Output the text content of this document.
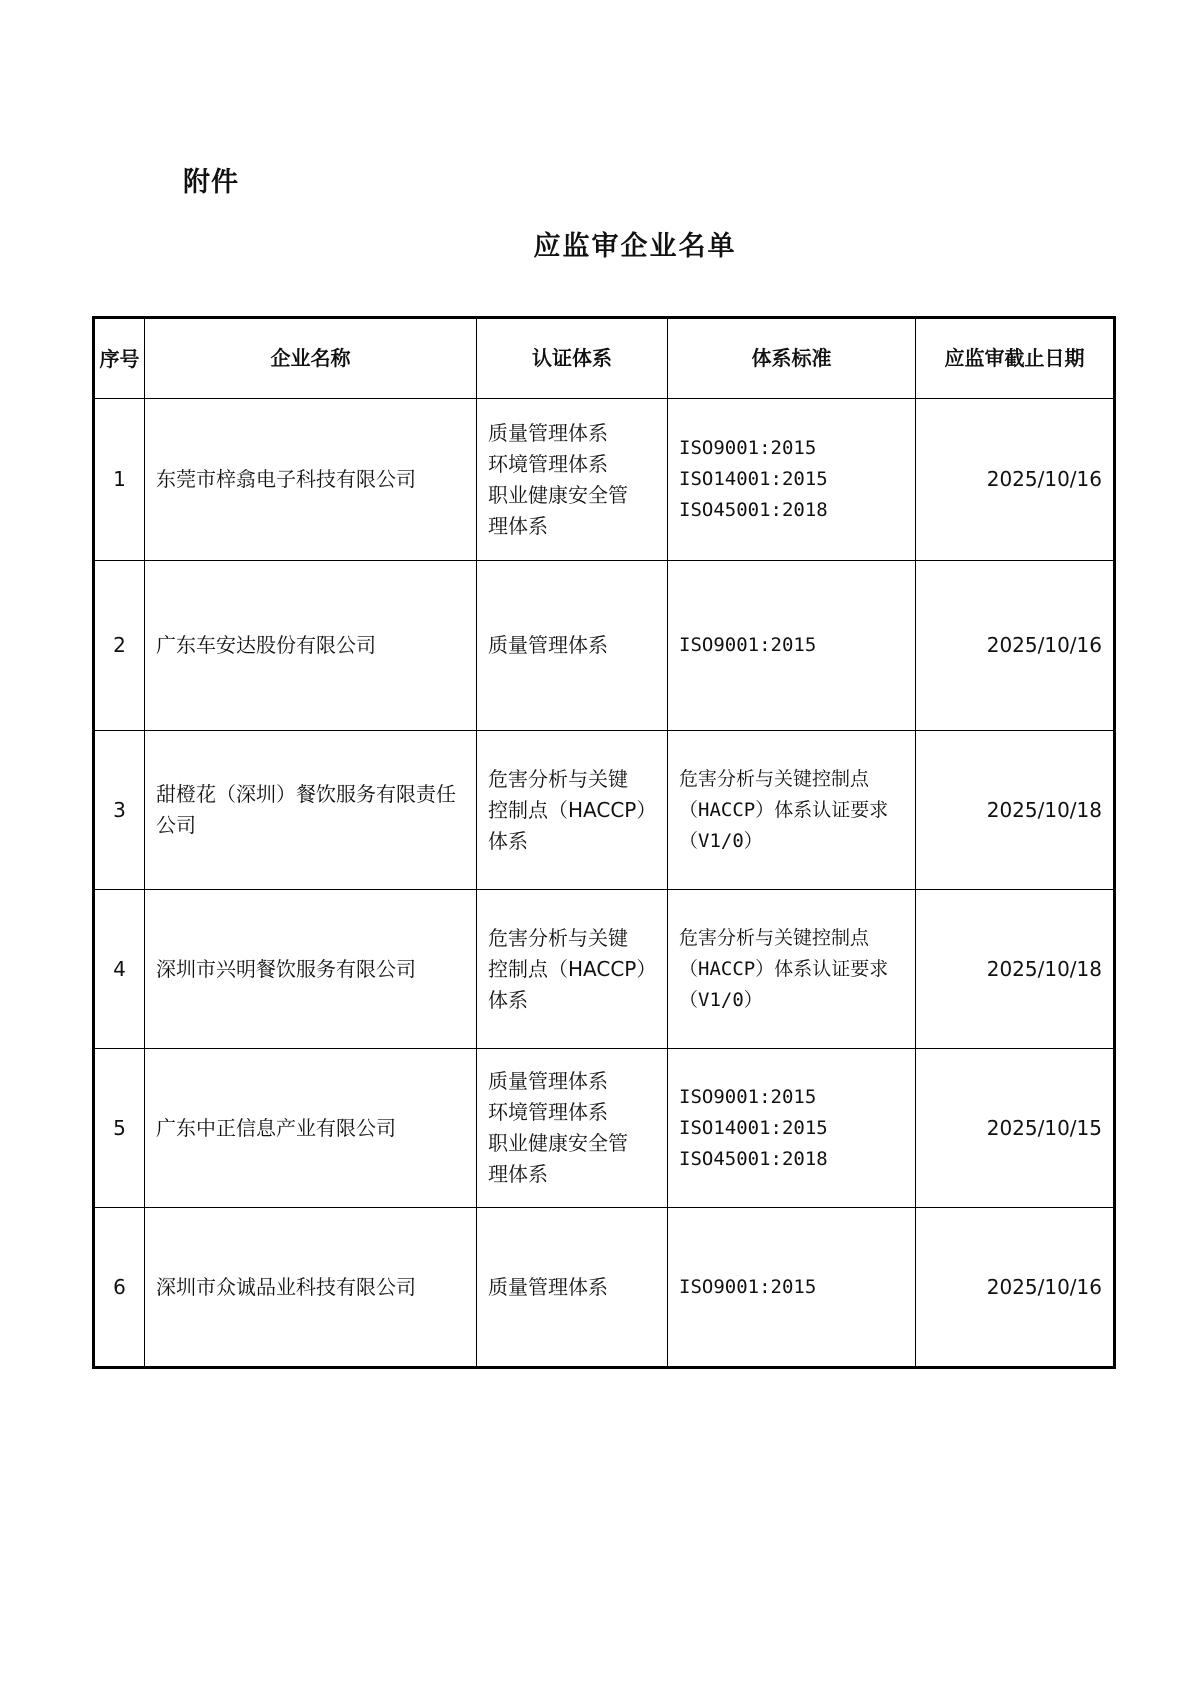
附件
应监审企业名单
序号	企业名称	认证体系	体系标准	应监审截止日期
1	东莞市梓翕电子科技有限公司	质量管理体系
环境管理体系
职业健康安全管
理体系	ISO9001:2015
ISO14001:2015
ISO45001:2018	2025/10/16
2	广东车安达股份有限公司	质量管理体系	ISO9001:2015	2025/10/16
3	甜橙花（深圳）餐饮服务有限责任公司	危害分析与关键
控制点（HACCP）
体系	危害分析与关键控制点
（HACCP）体系认证要求
（V1/0）	2025/10/18
4	深圳市兴明餐饮服务有限公司	危害分析与关键
控制点（HACCP）
体系	危害分析与关键控制点
（HACCP）体系认证要求
（V1/0）	2025/10/18
5	广东中正信息产业有限公司	质量管理体系
环境管理体系
职业健康安全管
理体系	ISO9001:2015
ISO14001:2015
ISO45001:2018	2025/10/15
6	深圳市众诚品业科技有限公司	质量管理体系	ISO9001:2015	2025/10/16
